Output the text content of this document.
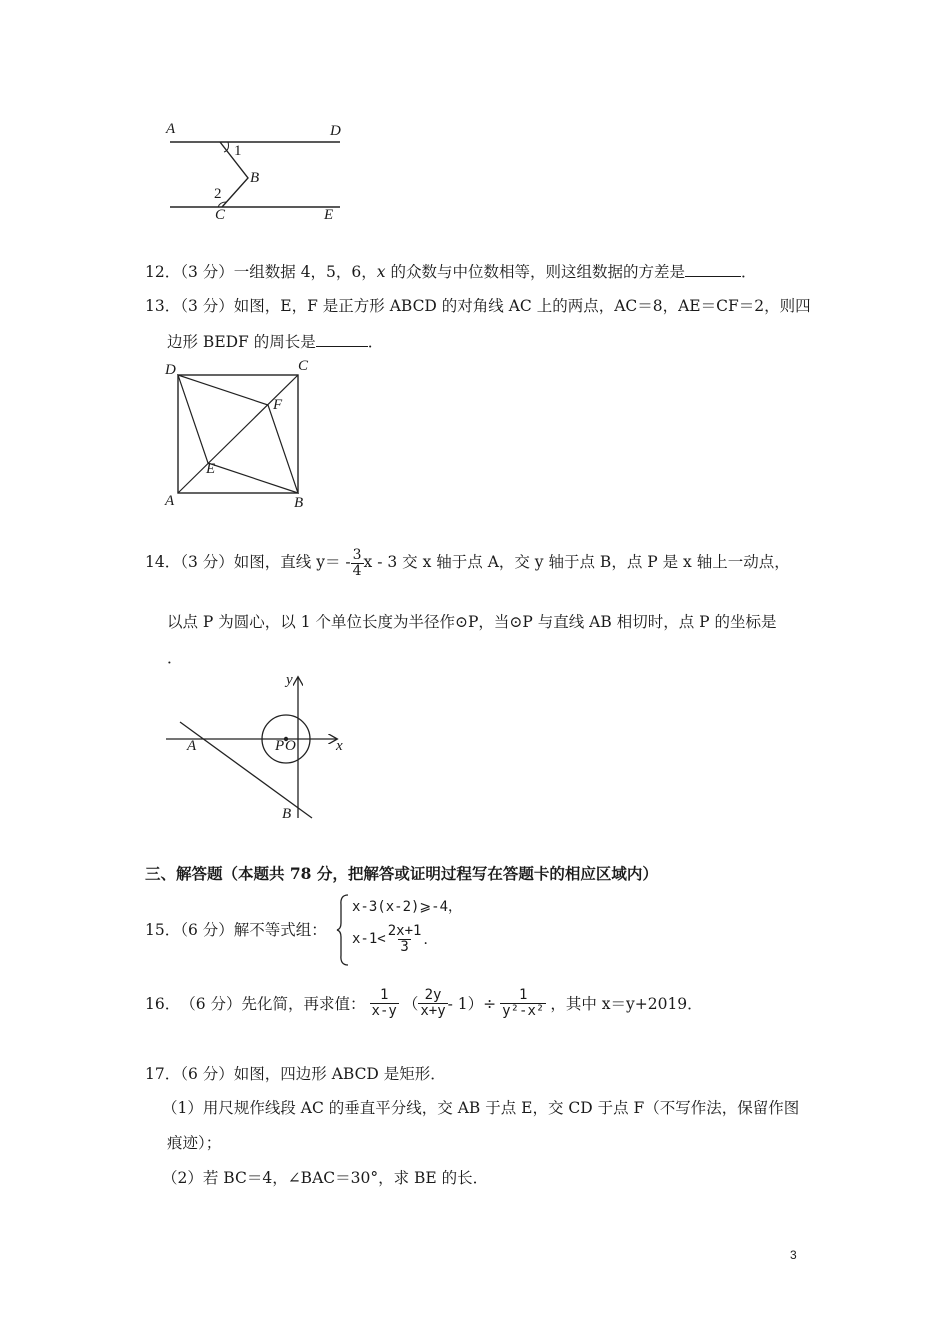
A	D
1
B
2
C	E
12．（3 分）一组数据 4，5，6，x 的众数与中位数相等，则这组数据的方差是	．
13．（3 分）如图，E，F 是正方形 ABCD 的对角线 AC 上的两点，AC＝8，AE＝CF＝2，则四
边形 BEDF 的周长是	．
D	C
F
E
A	B
14．（3 分）如图，直线 $y= - \frac{3}{4}$ x - 3 交 x 轴于点 A，交 y 轴于点 B，点 P 是 x 轴上一动点，
以点 P 为圆心，以 1 个单位长度为半径作⊙P，当⊙P 与直线 AB 相切时，点 P 的坐标是
．
y
x
A	P O
B
三、解答题（本题共 78 分，把解答或证明过程写在答题卡的相应区域内）
15．（6 分）解不等式组：
x-3(x-2)⩾-4，
$x-1< \frac{2x+1}{3}$ ．
16． （6 分）先化简，再求值： $\frac{1}{x-y}$ （ $\frac{2y}{x+y} - 1)\div \frac{1}{\text{y²-x²}}$ ，其中 x＝y+2019．
17．（6 分）如图，四边形 ABCD 是矩形．
（1）用尺规作线段 AC 的垂直平分线，交 AB 于点 E，交 CD 于点 F（不写作法，保留作图
痕迹）；
（2）若 BC＝4，∠BAC＝30°，求 BE 的长．
3
